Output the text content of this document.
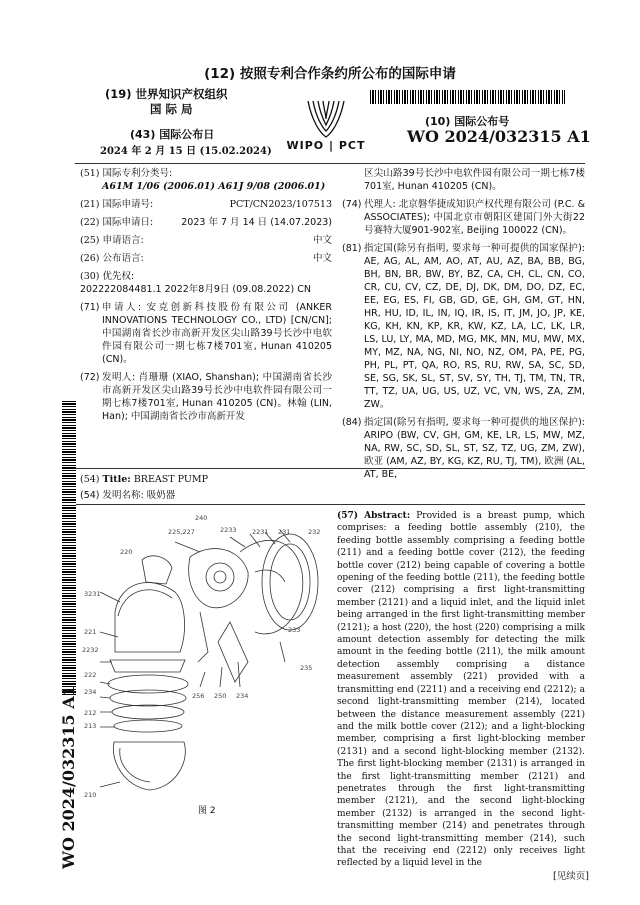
(12) 按照专利合作条约所公布的国际申请
(19) 世界知识产权组织
国 际 局
(43) 国际公布日
2024 年 2 月 15 日 (15.02.2024) WIPO | PCT
(10) 国际公布号
WO 2024/032315 A1
(51) 国际专利分类号:
A61M 1/06 (2006.01) A61J 9/08 (2006.01)
(21) 国际申请号:	PCT/CN2023/107513
(22) 国际申请日:	2023 年 7 月 14 日 (14.07.2023)
(25) 申请语言:	中文
(26) 公布语言:	中文
(30) 优先权:
202222084481.1 2022年8月9日 (09.08.2022) CN
(71) 申请人: 安克创新科技股份有限公司 (ANKER INNOVATIONS TECHNOLOGY CO., LTD) [CN/CN]; 中国湖南省长沙市高新开发区尖山路39号长沙中电软件园有限公司一期七栋7楼701室, Hunan 410205 (CN)。
(72) 发明人: 肖珊珊 (XIAO, Shanshan); 中国湖南省长沙市高新开发区尖山路39号长沙中电软件园有限公司一期七栋7楼701室, Hunan 410205 (CN)。林翰 (LIN, Han); 中国湖南省长沙市高新开发
区尖山路39号长沙中电软件园有限公司一期七栋7楼701室, Hunan 410205 (CN)。
(74) 代理人: 北京磐华捷成知识产权代理有限公司 (P.C. & ASSOCIATES); 中国北京市朝阳区建国门外大街22号赛特大厦901-902室, Beijing 100022 (CN)。
(81) 指定国(除另有指明, 要求每一种可提供的国家保护): AE, AG, AL, AM, AO, AT, AU, AZ, BA, BB, BG, BH, BN, BR, BW, BY, BZ, CA, CH, CL, CN, CO, CR, CU, CV, CZ, DE, DJ, DK, DM, DO, DZ, EC, EE, EG, ES, FI, GB, GD, GE, GH, GM, GT, HN, HR, HU, ID, IL, IN, IQ, IR, IS, IT, JM, JO, JP, KE, KG, KH, KN, KP, KR, KW, KZ, LA, LC, LK, LR, LS, LU, LY, MA, MD, MG, MK, MN, MU, MW, MX, MY, MZ, NA, NG, NI, NO, NZ, OM, PA, PE, PG, PH, PL, PT, QA, RO, RS, RU, RW, SA, SC, SD, SE, SG, SK, SL, ST, SV, SY, TH, TJ, TM, TN, TR, TT, TZ, UA, UG, US, UZ, VC, VN, WS, ZA, ZM, ZW。
(84) 指定国(除另有指明, 要求每一种可提供的地区保护): ARIPO (BW, CV, GH, GM, KE, LR, LS, MW, MZ, NA, RW, SC, SD, SL, ST, SZ, TZ, UG, ZM, ZW), 欧亚 (AM, AZ, BY, KG, KZ, RU, TJ, TM), 欧洲 (AL, AT, BE,
(54) Title: BREAST PUMP
(54) 发明名称: 吸奶器
240
225,227	2233 2231 231	232
220
3231
221
2232
222
234
212
213
210
256 250 234
235
233
图 2
(57) Abstract: Provided is a breast pump, which comprises: a feeding bottle assembly (210), the feeding bottle assembly comprising a feeding bottle (211) and a feeding bottle cover (212), the feeding bottle cover (212) being capable of covering a bottle opening of the feeding bottle (211), the feeding bottle cover (212) comprising a first light-transmitting member (2121) and a liquid inlet, and the liquid inlet being arranged in the first light-transmitting member (2121); a host (220), the host (220) comprising a milk amount detection assembly for detecting the milk amount in the feeding bottle (211), the milk amount detection assembly comprising a distance measurement assembly (221) provided with a transmitting end (2211) and a receiving end (2212); a second light-transmitting member (214), located between the distance measurement assembly (221) and the milk bottle cover (212); and a light-blocking member, comprising a first light-blocking member (2131) and a second light-blocking member (2132). The first light-blocking member (2131) is arranged in the first light-transmitting member (2121) and penetrates through the first light-transmitting member (2121), and the second light-blocking member (2132) is arranged in the second light-transmitting member (214) and penetrates through the second light-transmitting member (214), such that the receiving end (2212) only receives light reflected by a liquid level in the
WO 2024/032315 A1
[见续页]
